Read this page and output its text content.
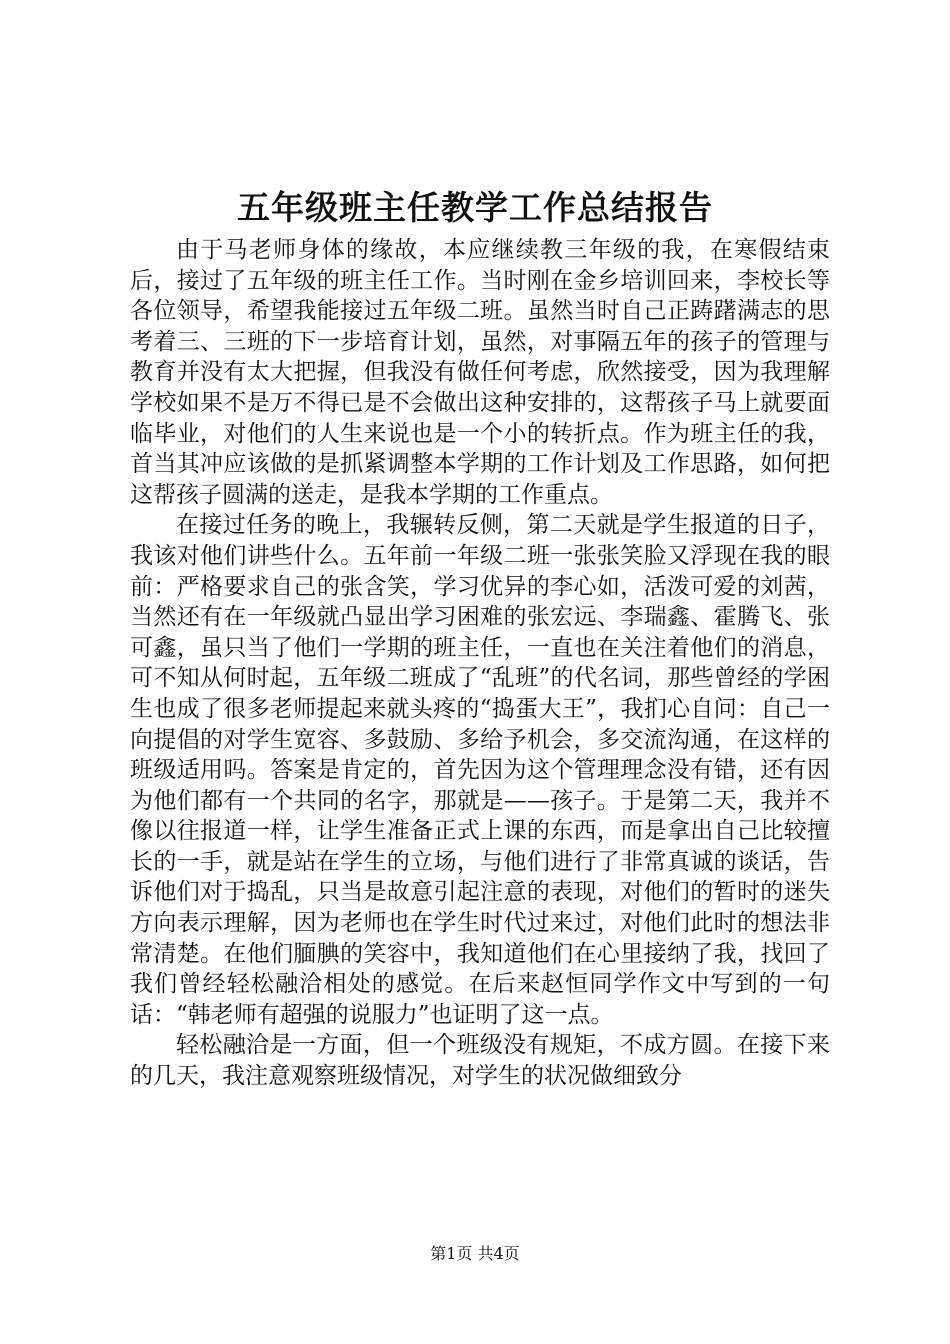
五年级班主任教学工作总结报告

由于马老师身体的缘故，本应继续教三年级的我，在寒假结束后，接过了五年级的班主任工作。当时刚在金乡培训回来，李校长等各位领导，希望我能接过五年级二班。虽然当时自己正踌躇满志的思考着三、三班的下一步培育计划，虽然，对事隔五年的孩子的管理与教育并没有太大把握，但我没有做任何考虑，欣然接受，因为我理解学校如果不是万不得已是不会做出这种安排的，这帮孩子马上就要面临毕业，对他们的人生来说也是一个小的转折点。作为班主任的我，首当其冲应该做的是抓紧调整本学期的工作计划及工作思路，如何把这帮孩子圆满的送走，是我本学期的工作重点。

在接过任务的晚上，我辗转反侧，第二天就是学生报道的日子，我该对他们讲些什么。五年前一年级二班一张张笑脸又浮现在我的眼前：严格要求自己的张含笑，学习优异的李心如，活泼可爱的刘茜，当然还有在一年级就凸显出学习困难的张宏远、李瑞鑫、霍腾飞、张可鑫，虽只当了他们一学期的班主任，一直也在关注着他们的消息，可不知从何时起，五年级二班成了“乱班”的代名词，那些曾经的学困生也成了很多老师提起来就头疼的“捣蛋大王”，我扪心自问：自己一向提倡的对学生宽容、多鼓励、多给予机会，多交流沟通，在这样的班级适用吗。答案是肯定的，首先因为这个管理理念没有错，还有因为他们都有一个共同的名字，那就是——孩子。于是第二天，我并不像以往报道一样，让学生准备正式上课的东西，而是拿出自己比较擅长的一手，就是站在学生的立场，与他们进行了非常真诚的谈话，告诉他们对于捣乱，只当是故意引起注意的表现，对他们的暂时的迷失方向表示理解，因为老师也在学生时代过来过，对他们此时的想法非常清楚。在他们腼腆的笑容中，我知道他们在心里接纳了我，找回了我们曾经轻松融洽相处的感觉。在后来赵恒同学作文中写到的一句话：“韩老师有超强的说服力”也证明了这一点。

轻松融洽是一方面，但一个班级没有规矩，不成方圆。在接下来的几天，我注意观察班级情况，对学生的状况做细致分

第1页 共4页
